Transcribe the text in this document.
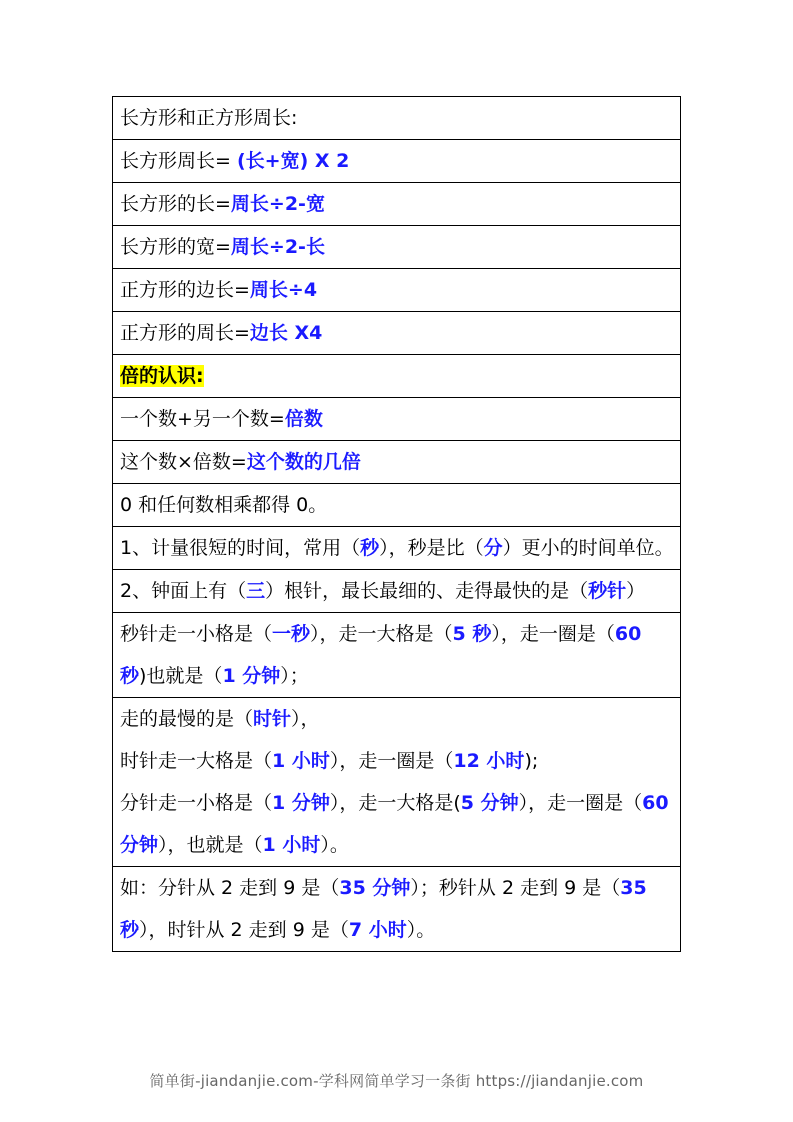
长方形和正方形周长:
长方形周长= (长+宽) X 2
长方形的长=周长÷2-宽
长方形的宽=周长÷2-长
正方形的边长=周长÷4
正方形的周长=边长 X4
倍的认识:
一个数+另一个数=倍数
这个数×倍数=这个数的几倍
0 和任何数相乘都得 0。
1、计量很短的时间，常用（秒），秒是比（分）更小的时间单位。
2、钟面上有（三）根针，最长最细的、走得最快的是（秒针）
秒针走一小格是（一秒），走一大格是（5 秒），走一圈是（60 秒)也就是（1 分钟）；

走的最慢的是（时针），
时针走一大格是（1 小时），走一圈是（12 小时);
分针走一小格是（1 分钟），走一大格是(5 分钟），走一圈是（60 分钟），也就是（1 小时）。

如：分针从 2 走到 9 是（35 分钟）；秒针从 2 走到 9 是（35 秒），时针从 2 走到 9 是（7 小时）。
简单街-jiandanjie.com-学科网简单学习一条街 https://jiandanjie.com
